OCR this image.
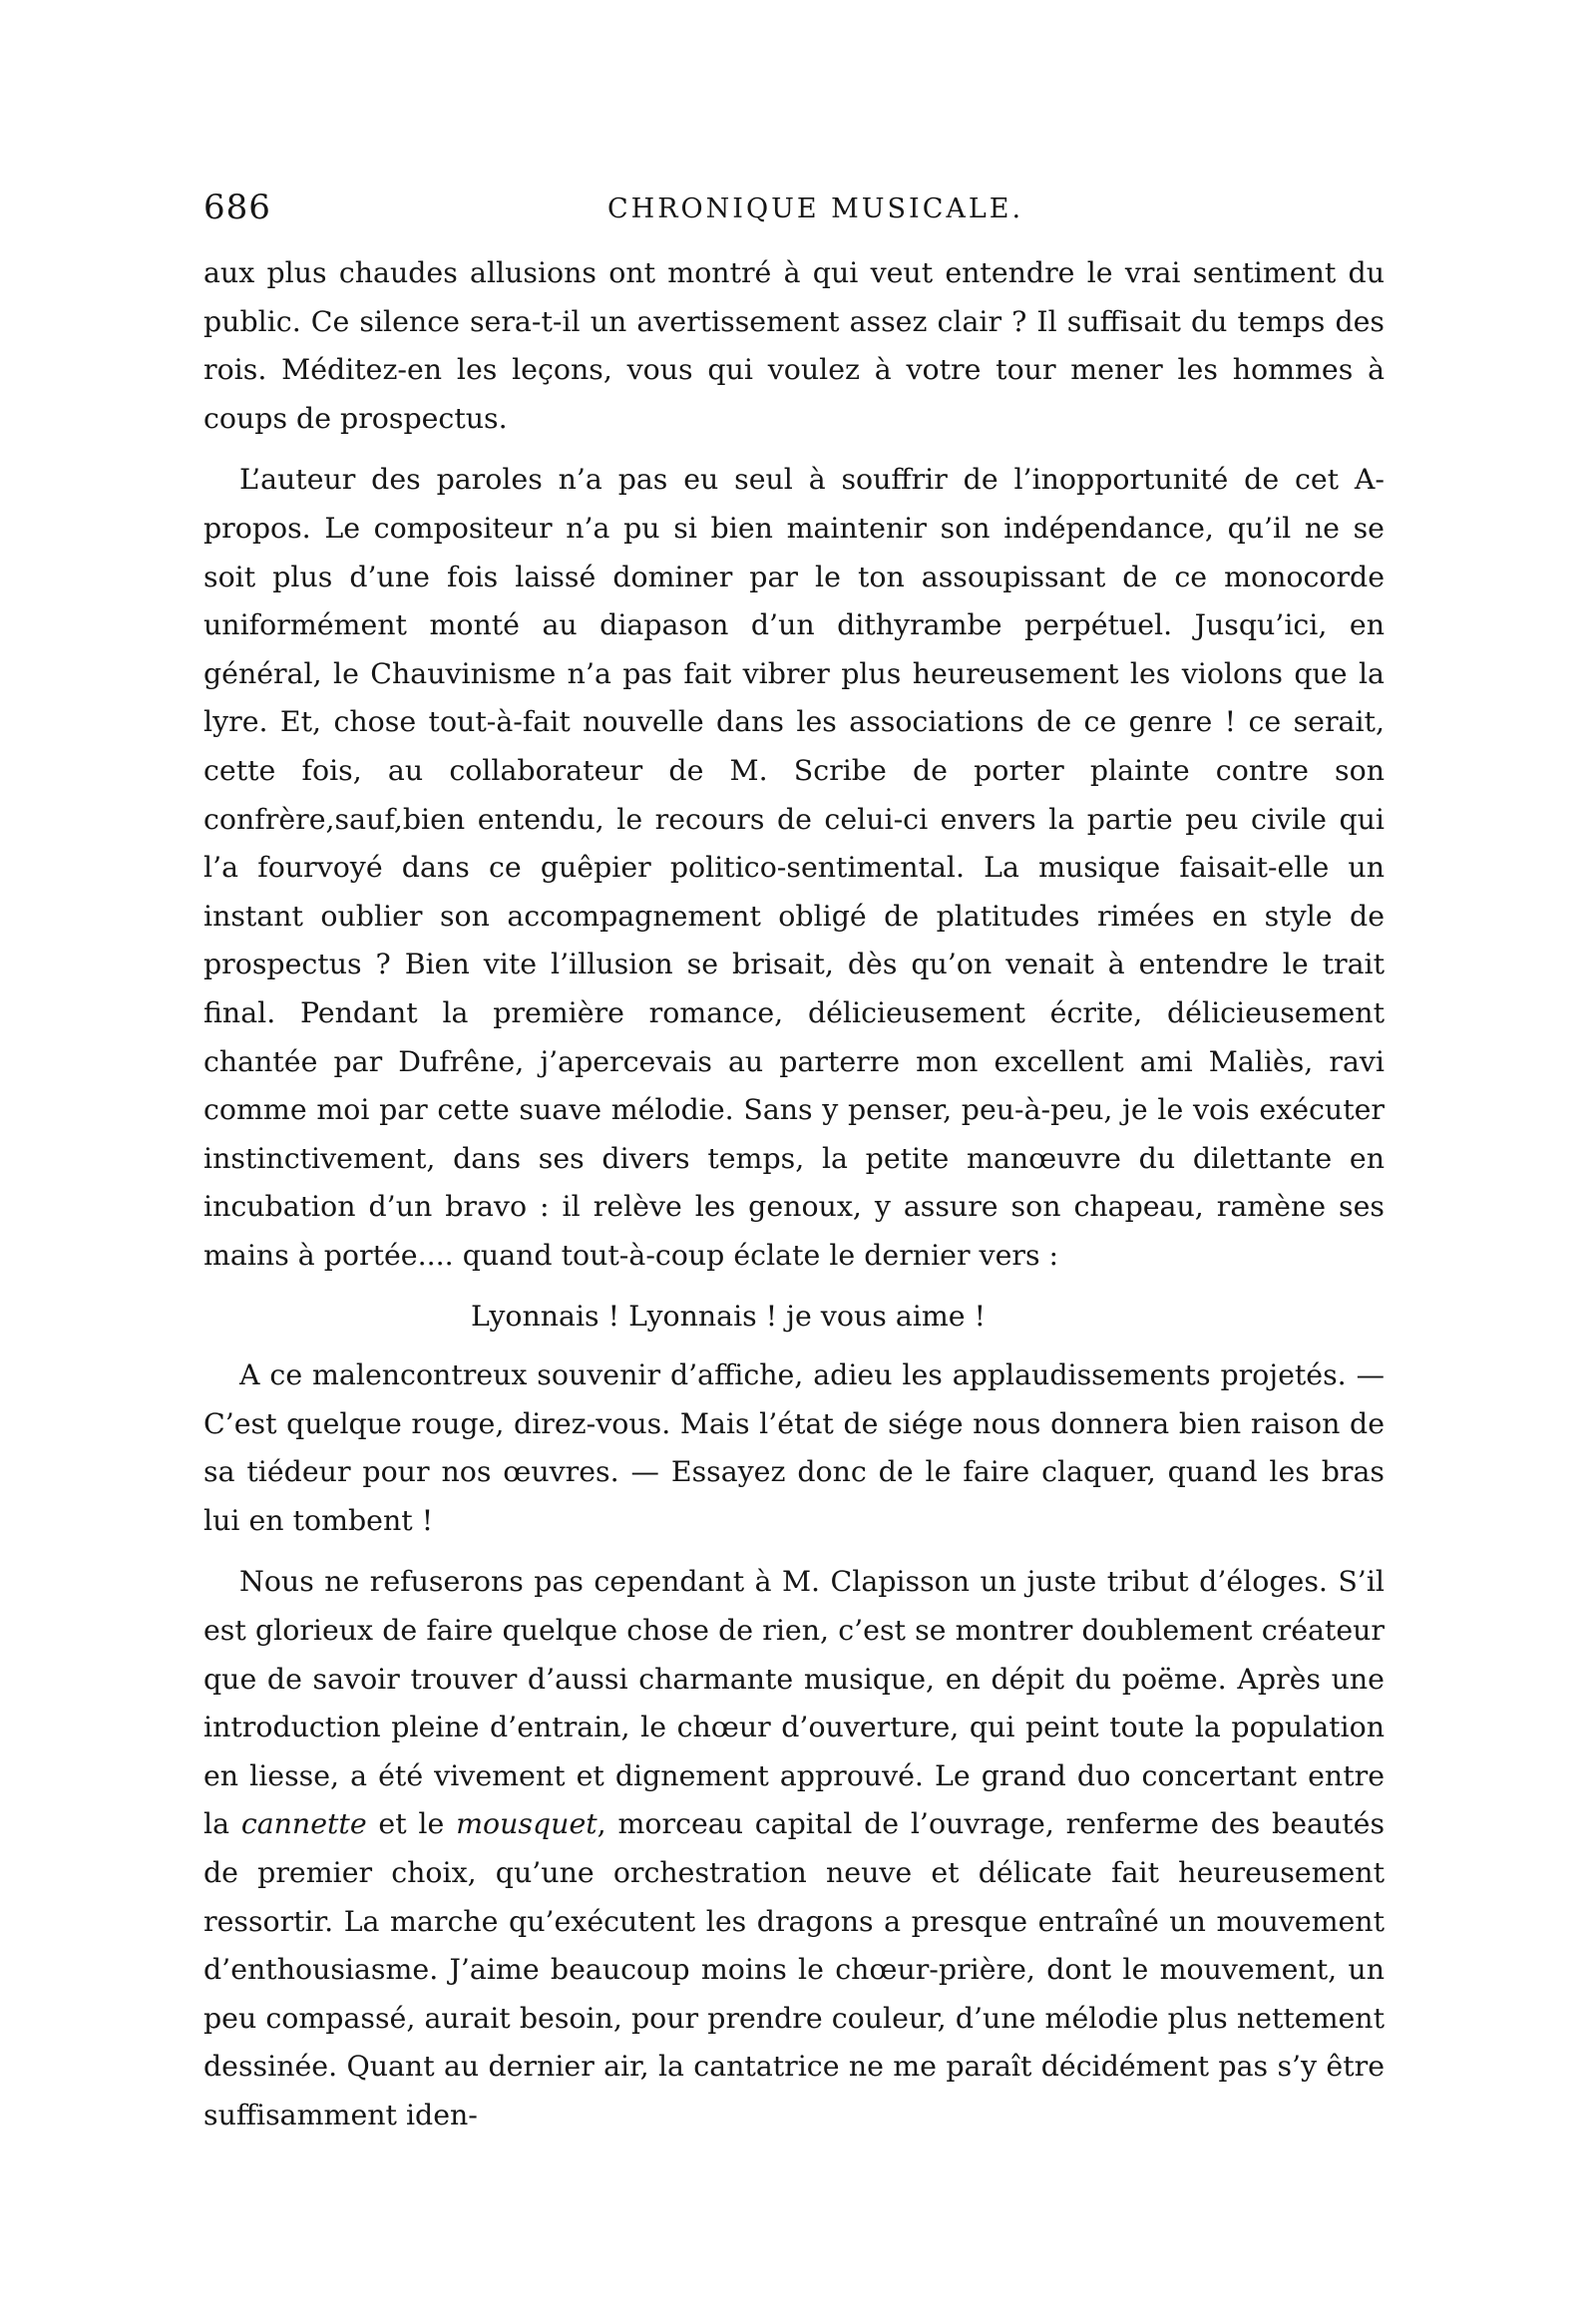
686	CHRONIQUE MUSICALE.

aux plus chaudes allusions ont montré à qui veut entendre le vrai sentiment du public. Ce silence sera-t-il un avertissement assez clair ? Il suffisait du temps des rois. Méditez-en les leçons, vous qui voulez à votre tour mener les hommes à coups de prospectus.

L’auteur des paroles n’a pas eu seul à souffrir de l’inopportunité de cet A-propos. Le compositeur n’a pu si bien maintenir son indépendance, qu’il ne se soit plus d’une fois laissé dominer par le ton assoupissant de ce monocorde uniformément monté au diapason d’un dithyrambe perpétuel. Jusqu’ici, en général, le Chauvinisme n’a pas fait vibrer plus heureusement les violons que la lyre. Et, chose tout-à-fait nouvelle dans les associations de ce genre ! ce serait, cette fois, au collaborateur de M. Scribe de porter plainte contre son confrère,sauf,bien entendu, le recours de celui-ci envers la partie peu civile qui l’a fourvoyé dans ce guêpier politico-sentimental. La musique faisait-elle un instant oublier son accompagnement obligé de platitudes rimées en style de prospectus ? Bien vite l’illusion se brisait, dès qu’on venait à entendre le trait final. Pendant la première romance, délicieusement écrite, délicieusement chantée par Dufrêne, j’apercevais au parterre mon excellent ami Maliès, ravi comme moi par cette suave mélodie. Sans y penser, peu-à-peu, je le vois exécuter instinctivement, dans ses divers temps, la petite manœuvre du dilettante en incubation d’un bravo : il relève les genoux, y assure son chapeau, ramène ses mains à portée.... quand tout-à-coup éclate le dernier vers :

Lyonnais ! Lyonnais ! je vous aime !

A ce malencontreux souvenir d’affiche, adieu les applaudissements projetés. — C’est quelque rouge, direz-vous. Mais l’état de siége nous donnera bien raison de sa tiédeur pour nos œuvres. — Essayez donc de le faire claquer, quand les bras lui en tombent !

Nous ne refuserons pas cependant à M. Clapisson un juste tribut d’éloges. S’il est glorieux de faire quelque chose de rien, c’est se montrer doublement créateur que de savoir trouver d’aussi charmante musique, en dépit du poëme. Après une introduction pleine d’entrain, le chœur d’ouverture, qui peint toute la population en liesse, a été vivement et dignement approuvé. Le grand duo concertant entre la cannette et le mousquet, morceau capital de l’ouvrage, renferme des beautés de premier choix, qu’une orchestration neuve et délicate fait heureusement ressortir. La marche qu’exécutent les dragons a presque entraîné un mouvement d’enthousiasme. J’aime beaucoup moins le chœur-prière, dont le mouvement, un peu compassé, aurait besoin, pour prendre couleur, d’une mélodie plus nettement dessinée. Quant au dernier air, la cantatrice ne me paraît décidément pas s’y être suffisamment iden-
